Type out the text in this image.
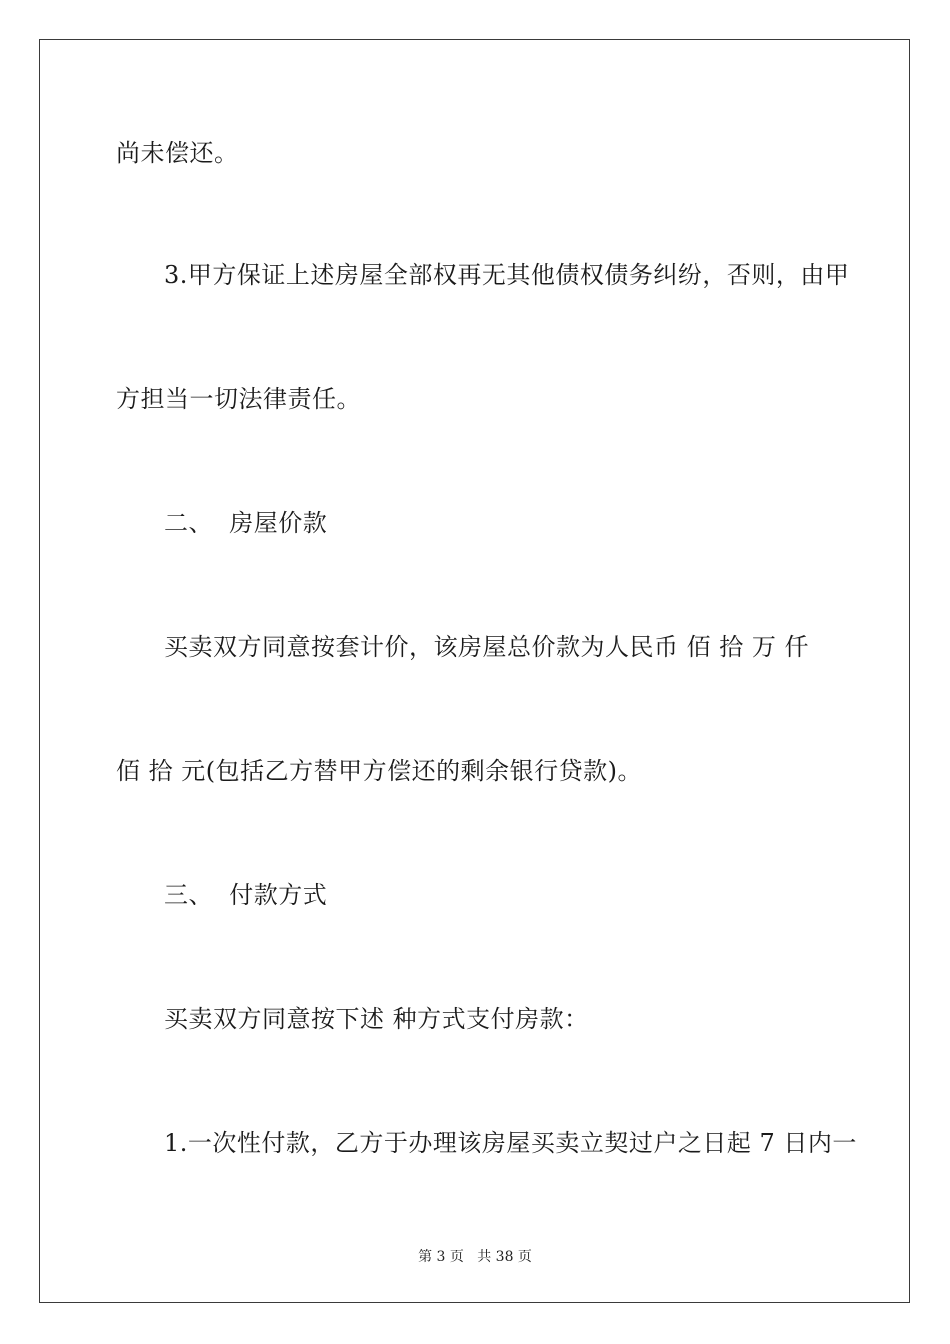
尚未偿还。
3.甲方保证上述房屋全部权再无其他债权债务纠纷，否则，由甲
方担当一切法律责任。
二、  房屋价款
买卖双方同意按套计价，该房屋总价款为人民币 佰 拾 万 仟
佰 拾 元(包括乙方替甲方偿还的剩余银行贷款)。
三、  付款方式
买卖双方同意按下述 种方式支付房款：
1.一次性付款，乙方于办理该房屋买卖立契过户之日起 7 日内一
第 3 页   共 38 页
